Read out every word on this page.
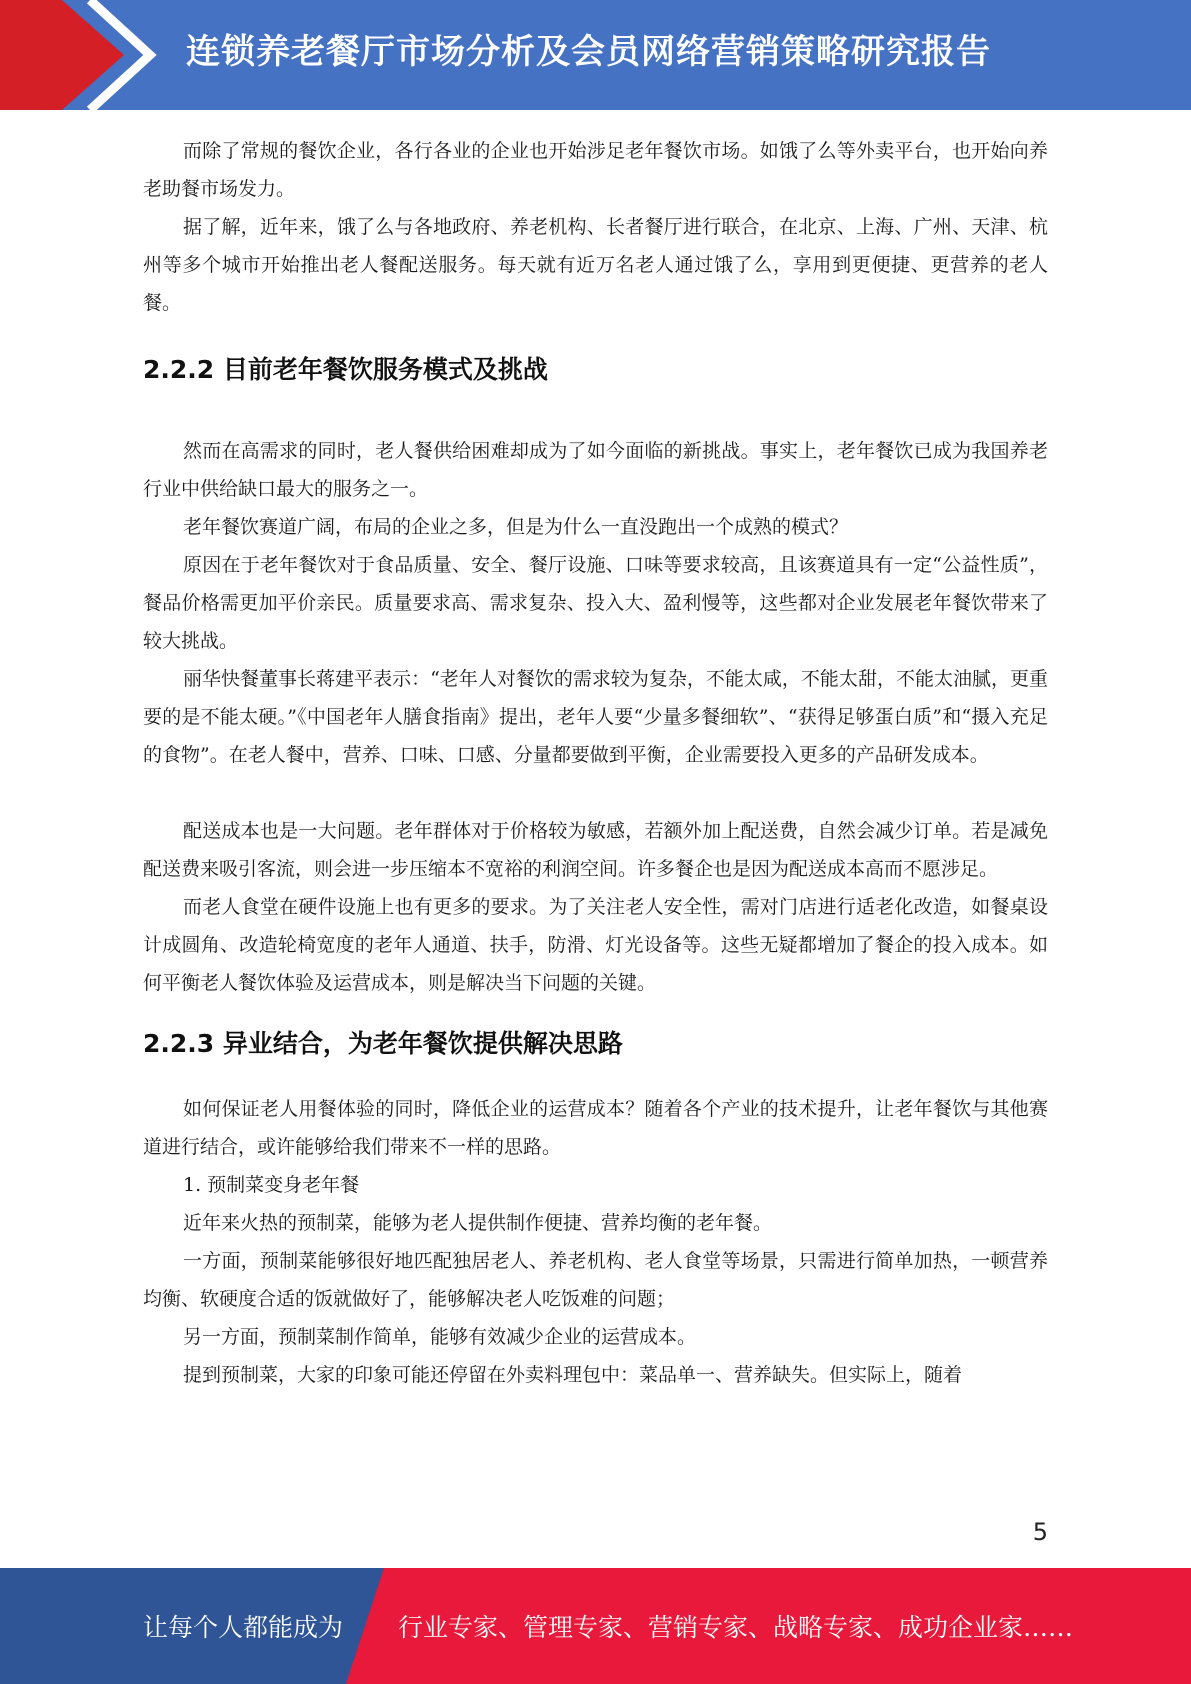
连锁养老餐厅市场分析及会员网络营销策略研究报告

而除了常规的餐饮企业，各行各业的企业也开始涉足老年餐饮市场。如饿了么等外卖平台，也开始向养老助餐市场发力。

据了解，近年来，饿了么与各地政府、养老机构、长者餐厅进行联合，在北京、上海、广州、天津、杭州等多个城市开始推出老人餐配送服务。每天就有近万名老人通过饿了么，享用到更便捷、更营养的老人餐。

2.2.2 目前老年餐饮服务模式及挑战

然而在高需求的同时，老人餐供给困难却成为了如今面临的新挑战。事实上，老年餐饮已成为我国养老行业中供给缺口最大的服务之一。

老年餐饮赛道广阔，布局的企业之多，但是为什么一直没跑出一个成熟的模式？

原因在于老年餐饮对于食品质量、安全、餐厅设施、口味等要求较高，且该赛道具有一定“公益性质”，餐品价格需更加平价亲民。质量要求高、需求复杂、投入大、盈利慢等，这些都对企业发展老年餐饮带来了较大挑战。

丽华快餐董事长蒋建平表示：“老年人对餐饮的需求较为复杂，不能太咸，不能太甜，不能太油腻，更重要的是不能太硬。”《中国老年人膳食指南》提出，老年人要“少量多餐细软”、“获得足够蛋白质”和“摄入充足的食物”。在老人餐中，营养、口味、口感、分量都要做到平衡，企业需要投入更多的产品研发成本。

配送成本也是一大问题。老年群体对于价格较为敏感，若额外加上配送费，自然会减少订单。若是减免配送费来吸引客流，则会进一步压缩本不宽裕的利润空间。许多餐企也是因为配送成本高而不愿涉足。

而老人食堂在硬件设施上也有更多的要求。为了关注老人安全性，需对门店进行适老化改造，如餐桌设计成圆角、改造轮椅宽度的老年人通道、扶手，防滑、灯光设备等。这些无疑都增加了餐企的投入成本。如何平衡老人餐饮体验及运营成本，则是解决当下问题的关键。

2.2.3 异业结合，为老年餐饮提供解决思路

如何保证老人用餐体验的同时，降低企业的运营成本？随着各个产业的技术提升，让老年餐饮与其他赛道进行结合，或许能够给我们带来不一样的思路。

1. 预制菜变身老年餐

近年来火热的预制菜，能够为老人提供制作便捷、营养均衡的老年餐。

一方面，预制菜能够很好地匹配独居老人、养老机构、老人食堂等场景，只需进行简单加热，一顿营养均衡、软硬度合适的饭就做好了，能够解决老人吃饭难的问题；

另一方面，预制菜制作简单，能够有效减少企业的运营成本。

提到预制菜，大家的印象可能还停留在外卖料理包中：菜品单一、营养缺失。但实际上，随着

5
让每个人都能成为 行业专家、管理专家、营销专家、战略专家、成功企业家……
